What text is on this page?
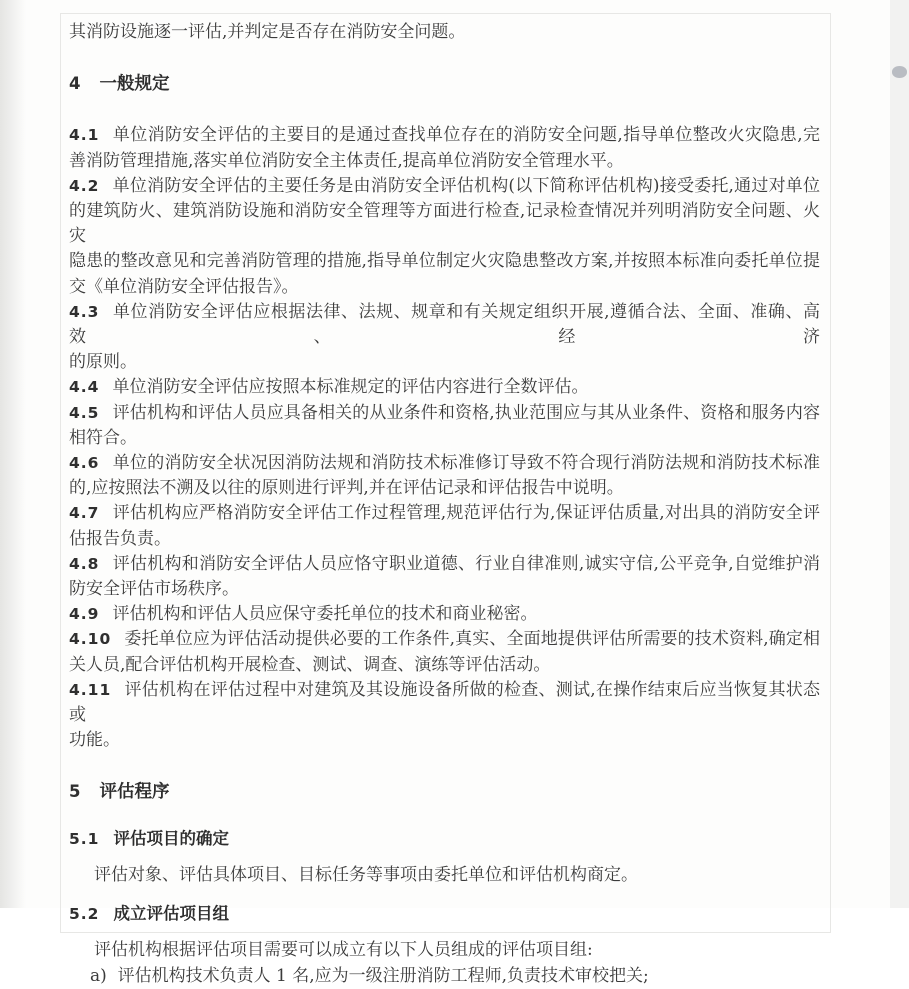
其消防设施逐一评估,并判定是否存在消防安全问题。
4 一般规定
4.1 单位消防安全评估的主要目的是通过查找单位存在的消防安全问题,指导单位整改火灾隐患,完
善消防管理措施,落实单位消防安全主体责任,提高单位消防安全管理水平。
4.2 单位消防安全评估的主要任务是由消防安全评估机构(以下简称评估机构)接受委托,通过对单位
的建筑防火、建筑消防设施和消防安全管理等方面进行检查,记录检查情况并列明消防安全问题、火灾
隐患的整改意见和完善消防管理的措施,指导单位制定火灾隐患整改方案,并按照本标准向委托单位提
交《单位消防安全评估报告》。
4.3 单位消防安全评估应根据法律、法规、规章和有关规定组织开展,遵循合法、全面、准确、高效、经济
的原则。
4.4 单位消防安全评估应按照本标准规定的评估内容进行全数评估。
4.5 评估机构和评估人员应具备相关的从业条件和资格,执业范围应与其从业条件、资格和服务内容
相符合。
4.6 单位的消防安全状况因消防法规和消防技术标准修订导致不符合现行消防法规和消防技术标准
的,应按照法不溯及以往的原则进行评判,并在评估记录和评估报告中说明。
4.7 评估机构应严格消防安全评估工作过程管理,规范评估行为,保证评估质量,对出具的消防安全评
估报告负责。
4.8 评估机构和消防安全评估人员应恪守职业道德、行业自律准则,诚实守信,公平竞争,自觉维护消
防安全评估市场秩序。
4.9 评估机构和评估人员应保守委托单位的技术和商业秘密。
4.10 委托单位应为评估活动提供必要的工作条件,真实、全面地提供评估所需要的技术资料,确定相
关人员,配合评估机构开展检查、测试、调查、演练等评估活动。
4.11 评估机构在评估过程中对建筑及其设施设备所做的检查、测试,在操作结束后应当恢复其状态或
功能。
5 评估程序
5.1 评估项目的确定
评估对象、评估具体项目、目标任务等事项由委托单位和评估机构商定。
5.2 成立评估项目组
评估机构根据评估项目需要可以成立有以下人员组成的评估项目组:
a)  评估机构技术负责人 1 名,应为一级注册消防工程师,负责技术审校把关;
